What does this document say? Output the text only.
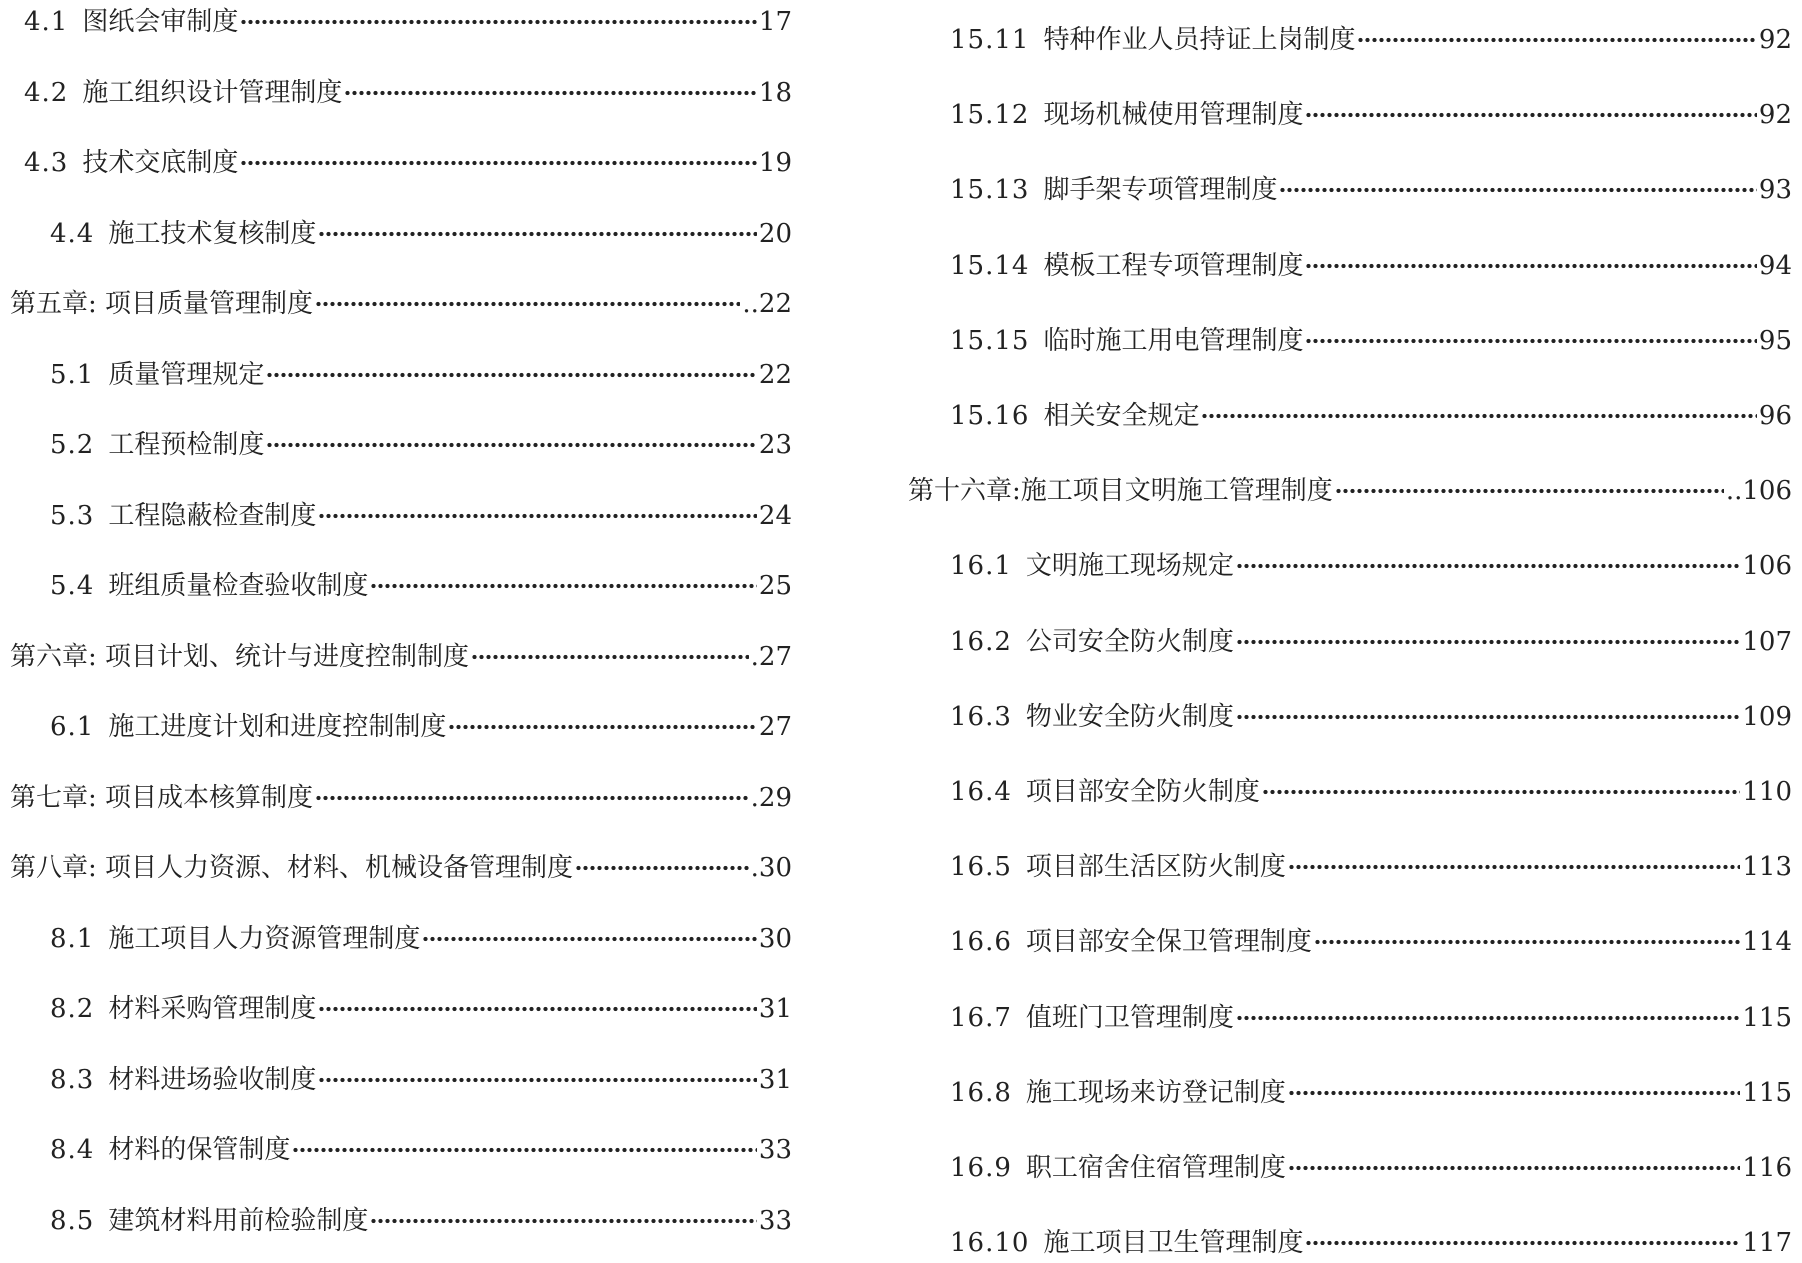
4.1 图纸会审制度	17
4.2 施工组织设计管理制度	18
4.3 技术交底制度	19
4.4 施工技术复核制度	20
第五章: 项目质量管理制度	..22
5.1 质量管理规定	22
5.2 工程预检制度	23
5.3 工程隐蔽检查制度	24
5.4 班组质量检查验收制度	25
第六章: 项目计划、统计与进度控制制度	.27
6.1 施工进度计划和进度控制制度	27
第七章: 项目成本核算制度	.29
第八章: 项目人力资源、材料、机械设备管理制度	.30
8.1 施工项目人力资源管理制度	30
8.2 材料采购管理制度	31
8.3 材料进场验收制度	31
8.4 材料的保管制度	33
8.5 建筑材料用前检验制度	33
15.11 特种作业人员持证上岗制度	92
15.12 现场机械使用管理制度	92
15.13 脚手架专项管理制度	93
15.14 模板工程专项管理制度	94
15.15 临时施工用电管理制度	95
15.16 相关安全规定	96
第十六章:施工项目文明施工管理制度	..106
16.1 文明施工现场规定	106
16.2 公司安全防火制度	107
16.3 物业安全防火制度	109
16.4 项目部安全防火制度	110
16.5 项目部生活区防火制度	113
16.6 项目部安全保卫管理制度	114
16.7 值班门卫管理制度	115
16.8 施工现场来访登记制度	115
16.9 职工宿舍住宿管理制度	116
16.10 施工项目卫生管理制度	117
